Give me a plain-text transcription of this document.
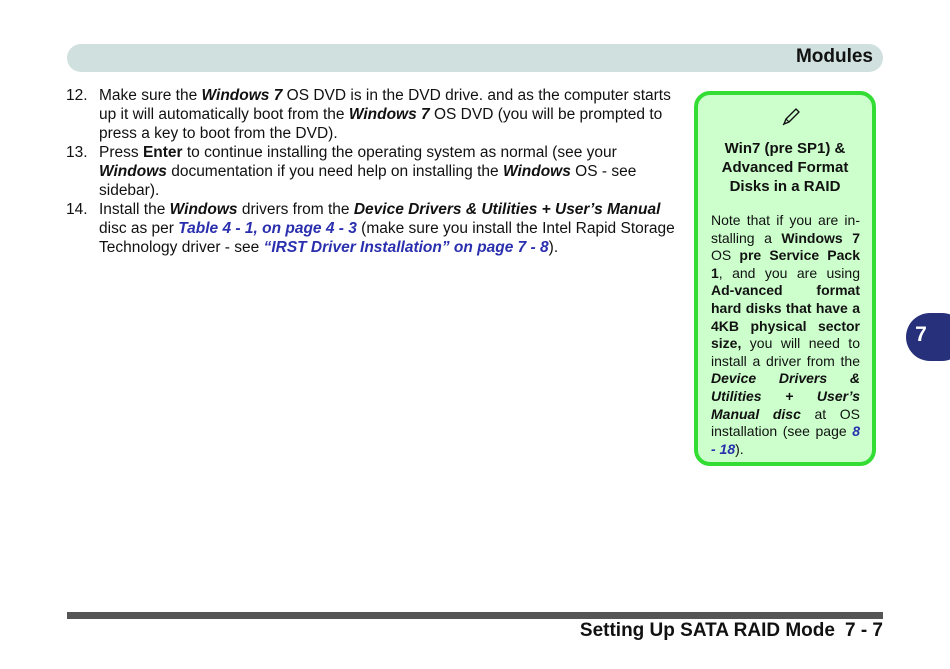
Modules
12. Make sure the Windows 7 OS DVD is in the DVD drive. and as the computer starts up it will automatically boot from the Windows 7 OS DVD (you will be prompted to press a key to boot from the DVD).
13. Press Enter to continue installing the operating system as normal (see your Windows documentation if you need help on installing the Windows OS - see sidebar).
14. Install the Windows drivers from the Device Drivers & Utilities + User’s Manual disc as per Table 4 - 1, on page 4 - 3 (make sure you install the Intel Rapid Storage Technology driver - see “IRST Driver Installation” on page 7 - 8).
Win7 (pre SP1) & Advanced Format Disks in a RAID
Note that if you are in-stalling a Windows 7 OS pre Service Pack 1, and you are using Ad-vanced format hard disks that have a 4KB physical sector size, you will need to install a driver from the Device Drivers & Utilities + User’s Manual disc at OS installation (see page 8 - 18).
7
Setting Up SATA RAID Mode 7 - 7
